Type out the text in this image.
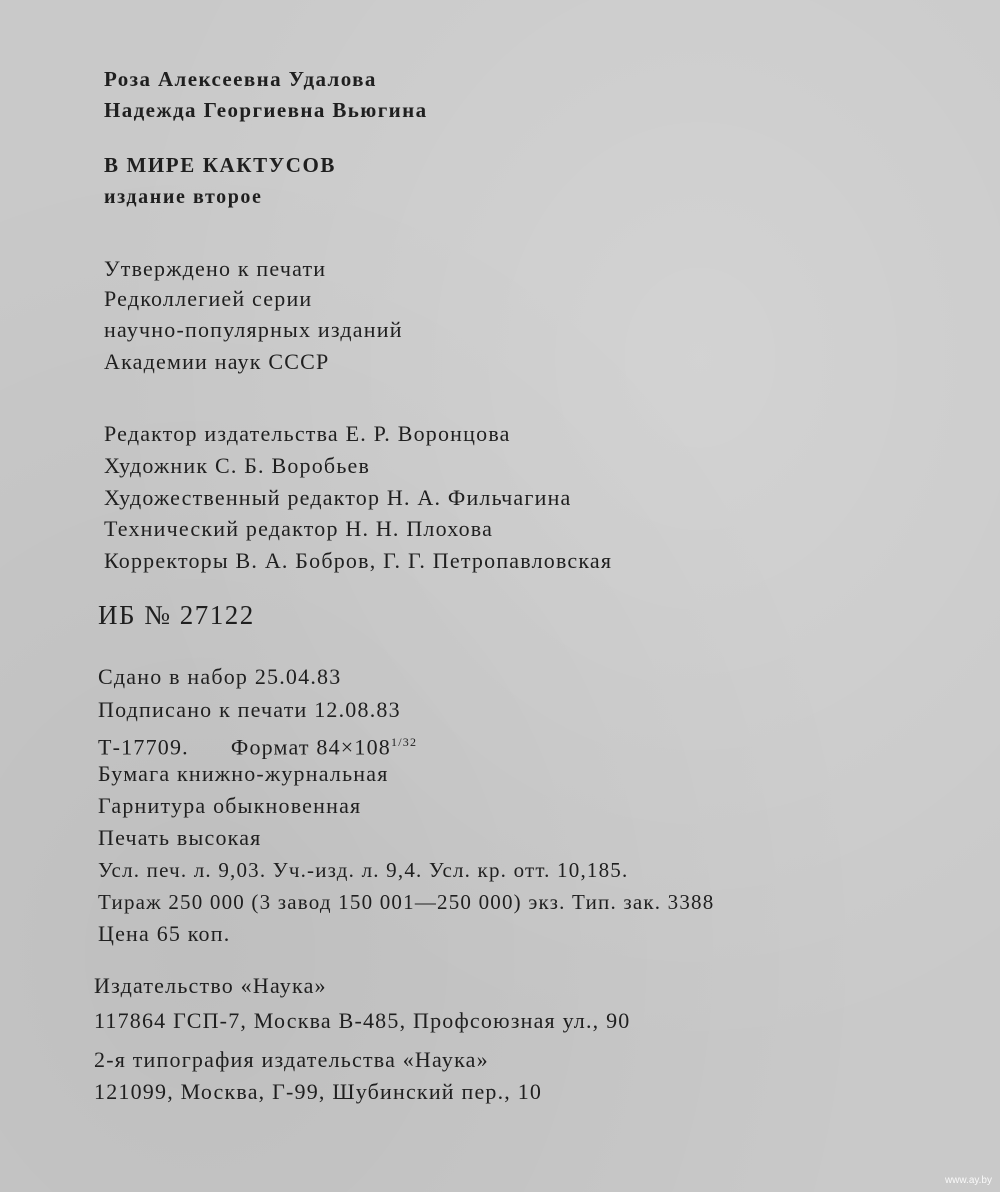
Роза Алексеевна Удалова
Надежда Георгиевна Вьюгина
В МИРЕ КАКТУСОВ
издание второе
Утверждено к печати
Редколлегией серии
научно-популярных изданий
Академии наук СССР
Редактор издательства Е. Р. Воронцова
Художник С. Б. Воробьев
Художественный редактор Н. А. Фильчагина
Технический редактор Н. Н. Плохова
Корректоры В. А. Бобров, Г. Г. Петропавловская
ИБ № 27122
Сдано в набор 25.04.83
Подписано к печати 12.08.83
Т-17709. Формат $84\times 108^{1/32}$
Бумага книжно-журнальная
Гарнитура обыкновенная
Печать высокая
Усл. печ. л. 9,03. Уч.-изд. л. 9,4. Усл. кр. отт. 10,185.
Тираж 250 000 (3 завод 150 001—250 000) экз. Тип. зак. 3388
Цена 65 коп.
Издательство «Наука»
117864 ГСП-7, Москва В-485, Профсоюзная ул., 90
2-я типография издательства «Наука»
121099, Москва, Г-99, Шубинский пер., 10
www.ay.by
